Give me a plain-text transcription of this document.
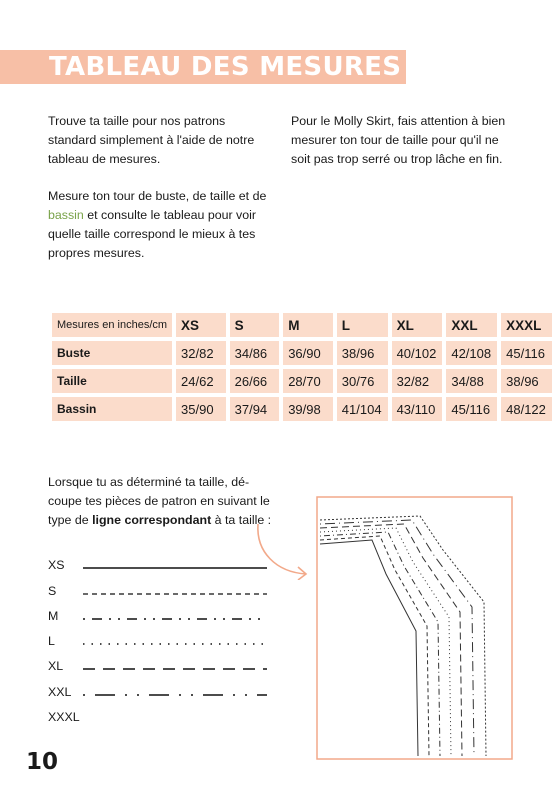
TABLEAU DES MESURES

Trouve ta taille pour nos patrons standard simplement à l'aide de notre tableau de mesures.

Mesure ton tour de buste, de taille et de bassin et consulte le tableau pour voir quelle taille correspond le mieux à tes propres mesures.

Pour le Molly Skirt, fais attention à bien mesurer ton tour de taille pour qu'il ne soit pas trop serré ou trop lâche en fin.

Mesures en inches/cm	XS	S	M	L	XL	XXL	XXXL
Buste	32/82	34/86	36/90	38/96	40/102	42/108	45/116
Taille	24/62	26/66	28/70	30/76	32/82	34/88	38/96
Bassin	35/90	37/94	39/98	41/104	43/110	45/116	48/122

Lorsque tu as déterminé ta taille, dé-coupe tes pièces de patron en suivant le type de ligne correspondant à ta taille :

XS
S
M
L
XL
XXL
XXXL
10
